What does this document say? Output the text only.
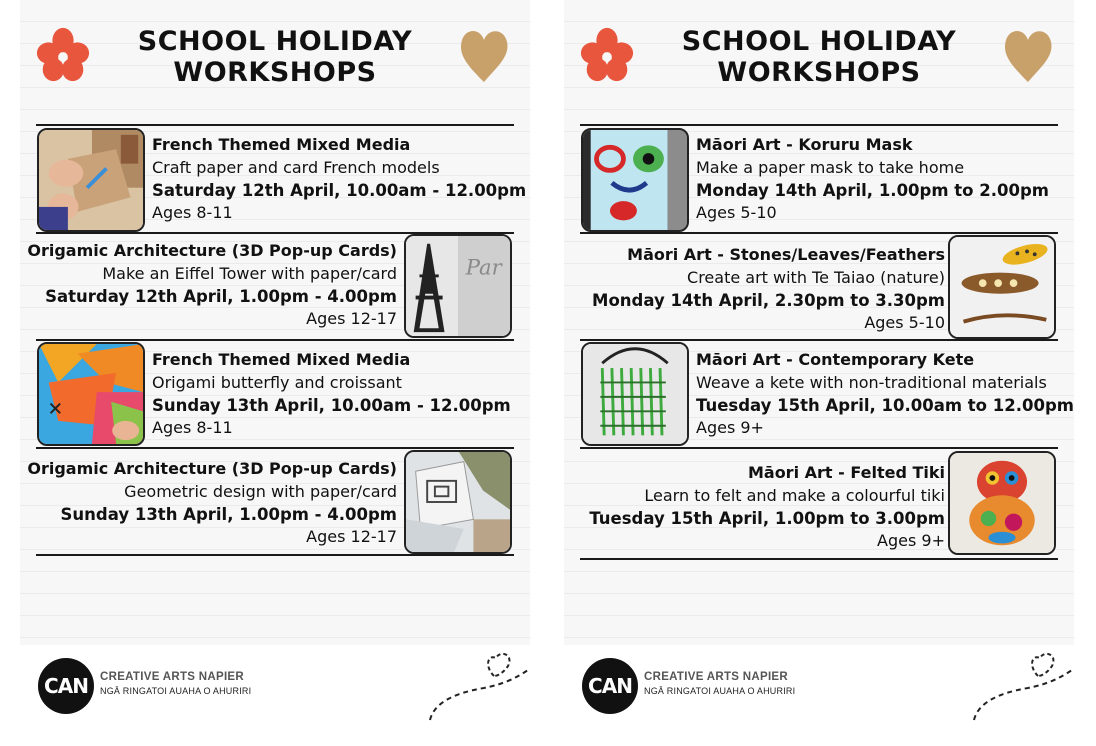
SCHOOL HOLIDAY
WORKSHOPS
French Themed Mixed Media
Craft paper and card French models
Saturday 12th April, 10.00am - 12.00pm
Ages 8-11
Origamic Architecture (3D Pop-up Cards)
Make an Eiffel Tower with paper/card
Saturday 12th April, 1.00pm - 4.00pm
Ages 12-17
Par
French Themed Mixed Media
Origami butterfly and croissant
Sunday 13th April, 10.00am - 12.00pm
Ages 8-11
Origamic Architecture (3D Pop-up Cards)
Geometric design with paper/card
Sunday 13th April, 1.00pm - 4.00pm
Ages 12-17
CAN	CREATIVE ARTS NAPIER
NGĀ RINGATOI AUAHA O AHURIRI
SCHOOL HOLIDAY
WORKSHOPS
Māori Art - Koruru Mask
Make a paper mask to take home
Monday 14th April, 1.00pm to 2.00pm
Ages 5-10
Māori Art - Stones/Leaves/Feathers
Create art with Te Taiao (nature)
Monday 14th April, 2.30pm to 3.30pm
Ages 5-10
Māori Art - Contemporary Kete
Weave a kete with non-traditional materials
Tuesday 15th April, 10.00am to 12.00pm
Ages 9+
Māori Art - Felted Tiki
Learn to felt and make a colourful tiki
Tuesday 15th April, 1.00pm to 3.00pm
Ages 9+
CAN	CREATIVE ARTS NAPIER
NGĀ RINGATOI AUAHA O AHURIRI
